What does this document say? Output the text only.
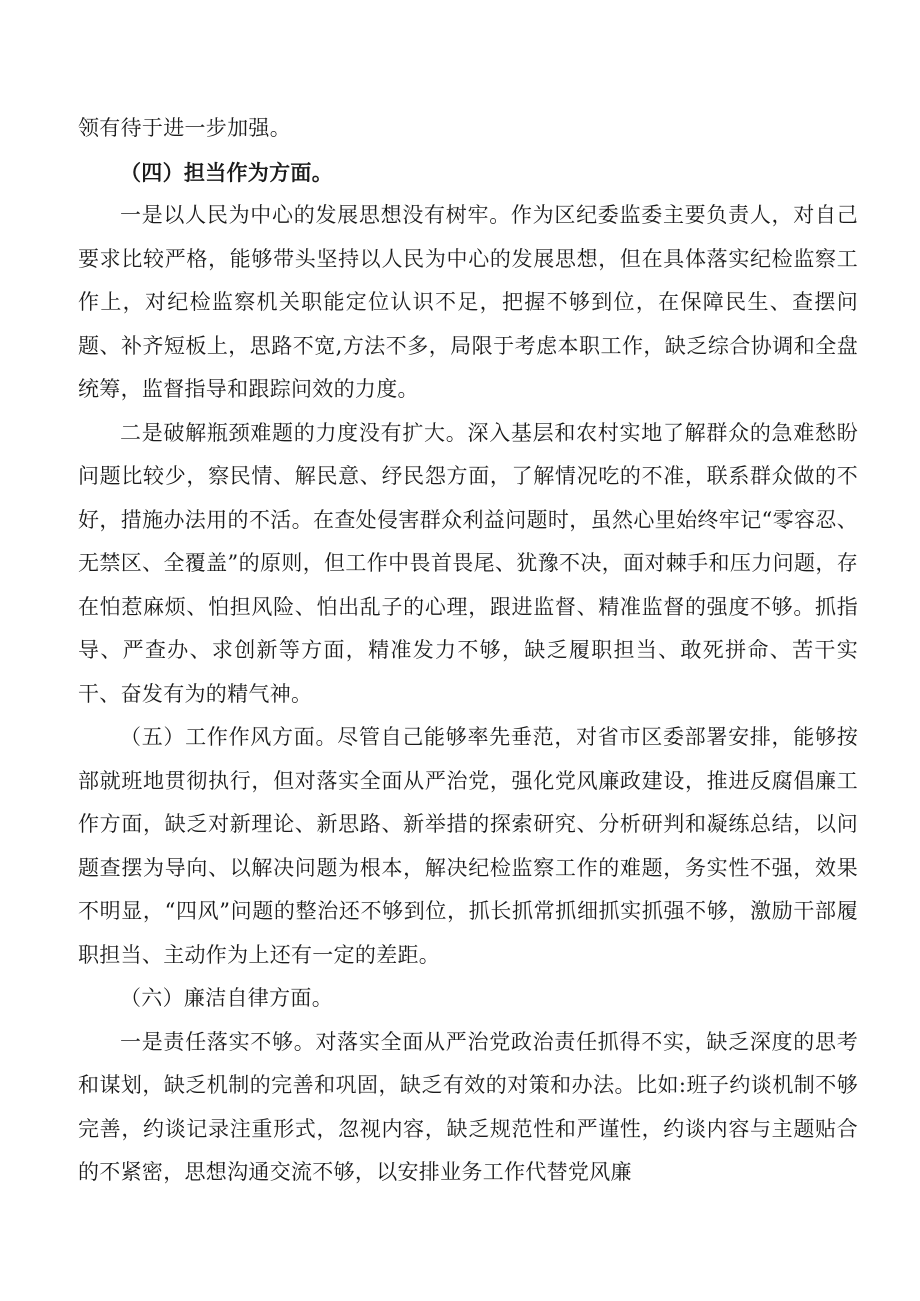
领有待于进一步加强。

（四）担当作为方面。

一是以人民为中心的发展思想没有树牢。作为区纪委监委主要负责人，对自己要求比较严格，能够带头坚持以人民为中心的发展思想，但在具体落实纪检监察工作上，对纪检监察机关职能定位认识不足，把握不够到位，在保障民生、查摆问题、补齐短板上，思路不宽,方法不多，局限于考虑本职工作，缺乏综合协调和全盘统筹，监督指导和跟踪问效的力度。

二是破解瓶颈难题的力度没有扩大。深入基层和农村实地了解群众的急难愁盼问题比较少，察民情、解民意、纾民怨方面，了解情况吃的不准，联系群众做的不好，措施办法用的不活。在查处侵害群众利益问题时，虽然心里始终牢记“零容忍、无禁区、全覆盖”的原则，但工作中畏首畏尾、犹豫不决，面对棘手和压力问题，存在怕惹麻烦、怕担风险、怕出乱子的心理，跟进监督、精准监督的强度不够。抓指导、严查办、求创新等方面，精准发力不够，缺乏履职担当、敢死拼命、苦干实干、奋发有为的精气神。

（五）工作作风方面。尽管自己能够率先垂范，对省市区委部署安排，能够按部就班地贯彻执行，但对落实全面从严治党，强化党风廉政建设，推进反腐倡廉工作方面，缺乏对新理论、新思路、新举措的探索研究、分析研判和凝练总结，以问题查摆为导向、以解决问题为根本，解决纪检监察工作的难题，务实性不强，效果不明显，“四风”问题的整治还不够到位，抓长抓常抓细抓实抓强不够，激励干部履职担当、主动作为上还有一定的差距。

（六）廉洁自律方面。

一是责任落实不够。对落实全面从严治党政治责任抓得不实，缺乏深度的思考和谋划，缺乏机制的完善和巩固，缺乏有效的对策和办法。比如:班子约谈机制不够完善，约谈记录注重形式，忽视内容，缺乏规范性和严谨性，约谈内容与主题贴合的不紧密，思想沟通交流不够，以安排业务工作代替党风廉
